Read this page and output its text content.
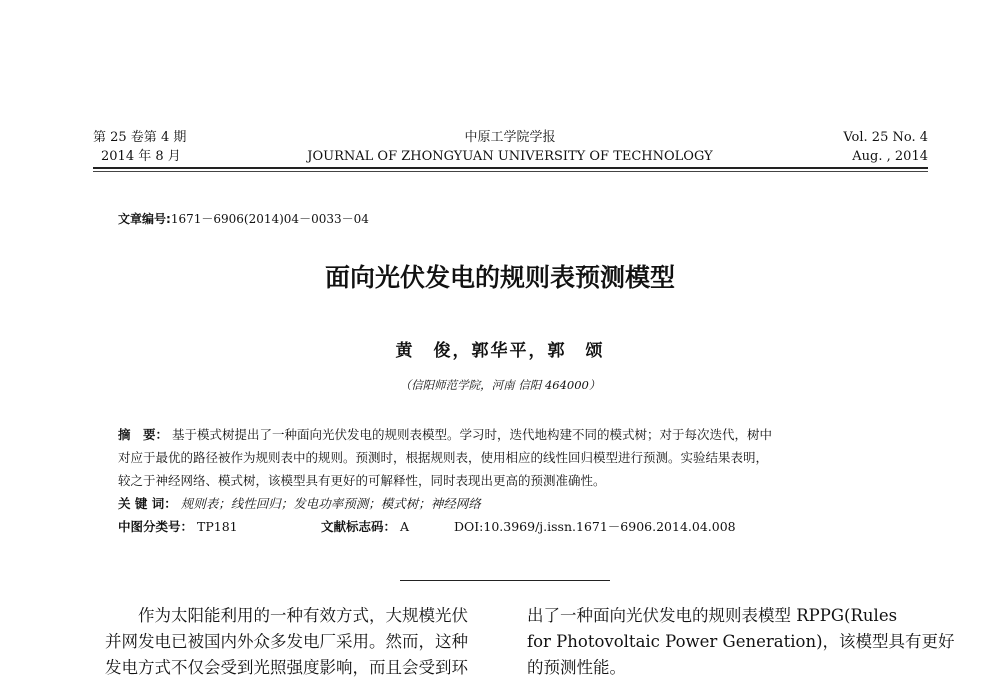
第 25 卷第 4 期
2014 年 8 月
中原工学院学报
JOURNAL OF ZHONGYUAN UNIVERSITY OF TECHNOLOGY
Vol. 25 No. 4
Aug. , 2014
文章编号:1671－6906(2014)04－0033－04
面向光伏发电的规则表预测模型
黄　俊，郭华平，郭　颂
（信阳师范学院，河南 信阳 464000）
摘　要： 基于模式树提出了一种面向光伏发电的规则表模型。学习时，迭代地构建不同的模式树；对于每次迭代，树中
对应于最优的路径被作为规则表中的规则。预测时，根据规则表，使用相应的线性回归模型进行预测。实验结果表明，
较之于神经网络、模式树，该模型具有更好的可解释性，同时表现出更高的预测准确性。
关 键 词： 规则表；线性回归；发电功率预测；模式树；神经网络
中图分类号： TP181	文献标志码： A	DOI:10.3969/j.issn.1671－6906.2014.04.008
　　作为太阳能利用的一种有效方式，大规模光伏
并网发电已被国内外众多发电厂采用。然而，这种
发电方式不仅会受到光照强度影响，而且会受到环
出了一种面向光伏发电的规则表模型 RPPG(Rules
for Photovoltaic Power Generation)，该模型具有更好
的预测性能。
